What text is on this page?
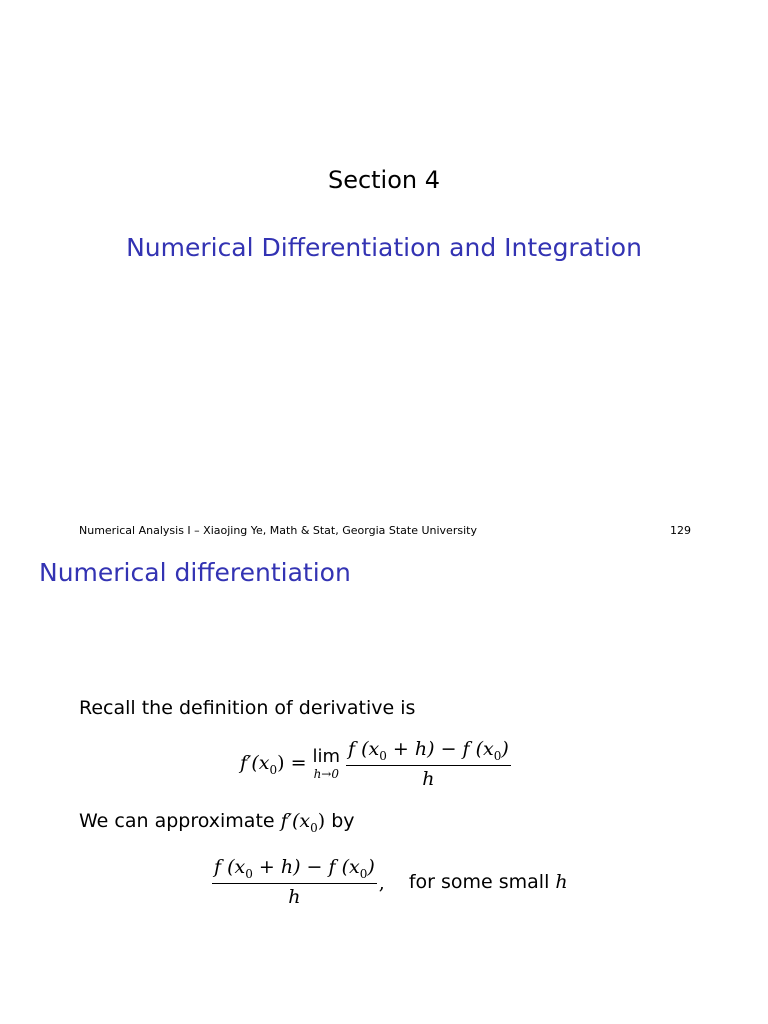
Section 4
Numerical Differentiation and Integration
Numerical Analysis I – Xiaojing Ye, Math & Stat, Georgia State University	129
Numerical differentiation
Recall the definition of derivative is
$f'(x_0) = \lim$
$h\to 0 \frac{f (x_0 + h) - f (x_0)}{h}$
We can approximate $f'(x_0)$ by
$\frac{f (x_0 + h) - f (x_0)}{h}$ , for some small h
